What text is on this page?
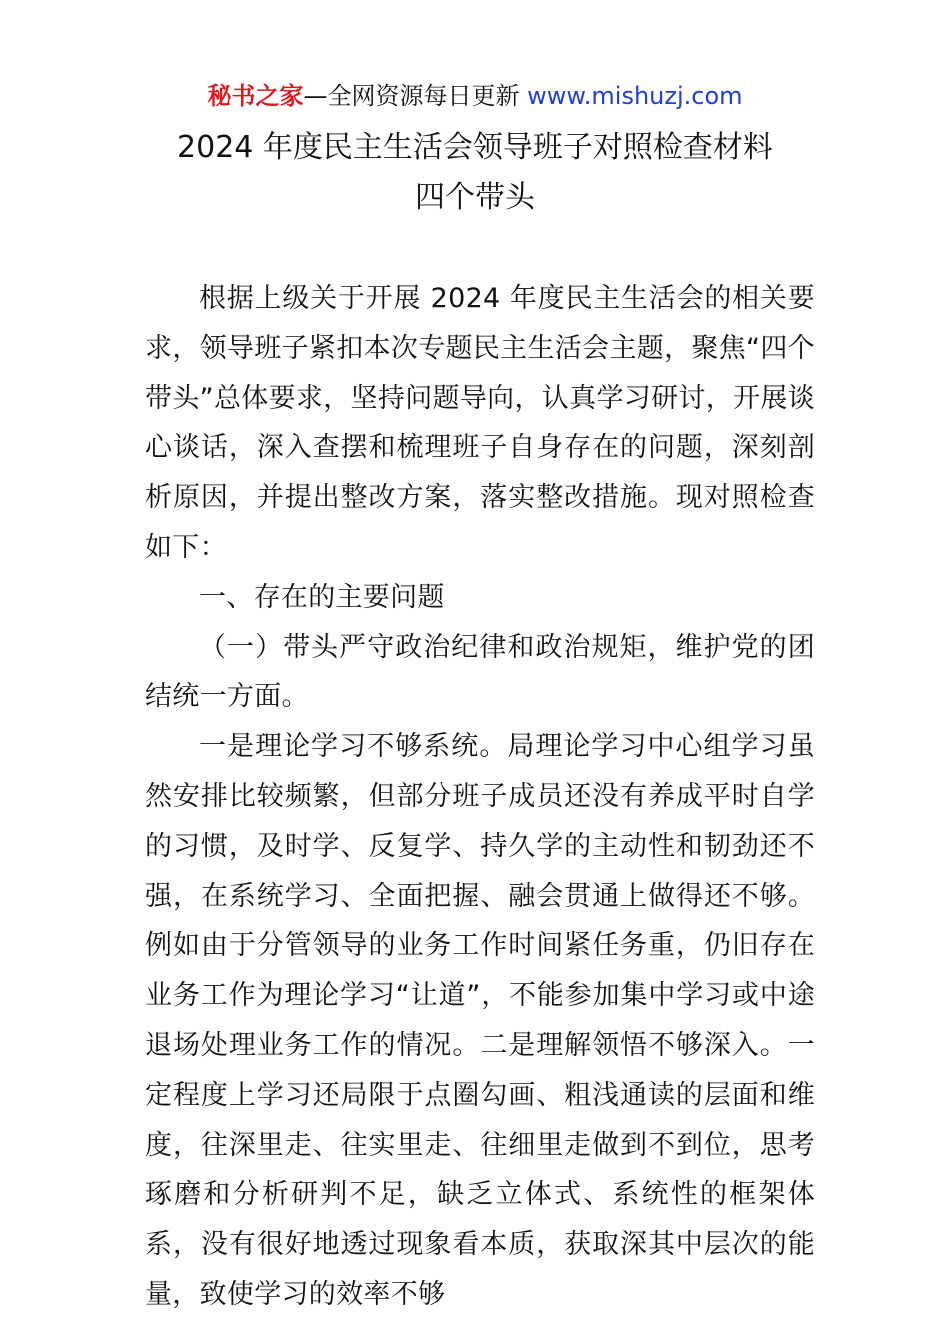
秘书之家—全网资源每日更新 www.mishuzj.com
2024 年度民主生活会领导班子对照检查材料
四个带头

根据上级关于开展 2024 年度民主生活会的相关要求，领导班子紧扣本次专题民主生活会主题，聚焦“四个带头”总体要求，坚持问题导向，认真学习研讨，开展谈心谈话，深入查摆和梳理班子自身存在的问题，深刻剖析原因，并提出整改方案，落实整改措施。现对照检查如下：

一、存在的主要问题

（一）带头严守政治纪律和政治规矩，维护党的团结统一方面。

一是理论学习不够系统。局理论学习中心组学习虽然安排比较频繁，但部分班子成员还没有养成平时自学的习惯，及时学、反复学、持久学的主动性和韧劲还不强，在系统学习、全面把握、融会贯通上做得还不够。例如由于分管领导的业务工作时间紧任务重，仍旧存在业务工作为理论学习“让道”，不能参加集中学习或中途退场处理业务工作的情况。二是理解领悟不够深入。一定程度上学习还局限于点圈勾画、粗浅通读的层面和维度，往深里走、往实里走、往细里走做到不到位，思考琢磨和分析研判不足，缺乏立体式、系统性的框架体系，没有很好地透过现象看本质，获取深其中层次的能量，致使学习的效率不够
